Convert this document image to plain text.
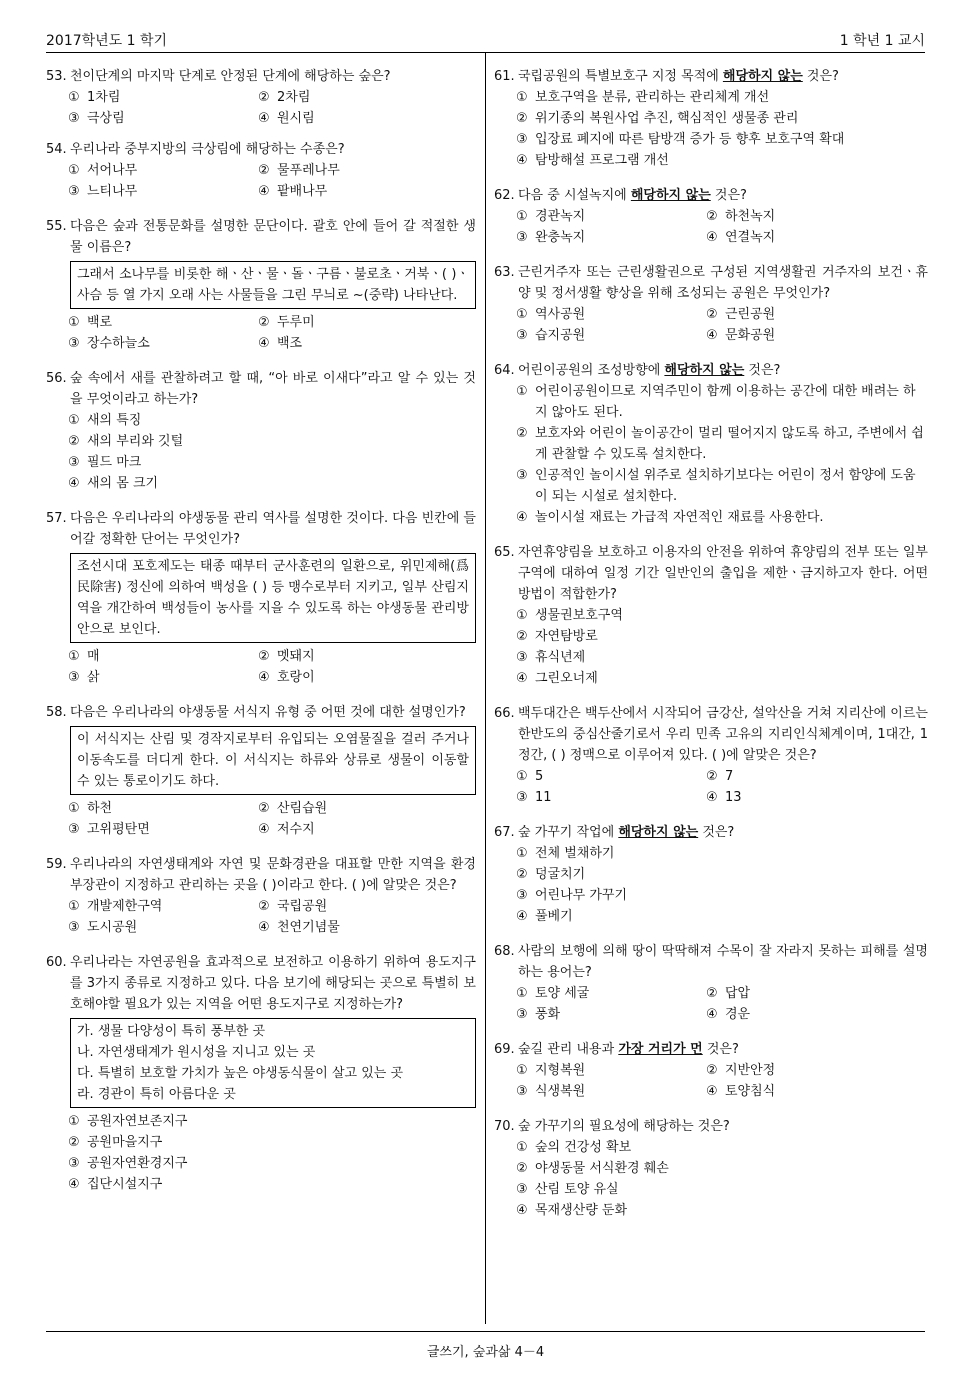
2017학년도 1 학기	1 학년 1 교시
53. 천이단계의 마지막 단계로 안정된 단계에 해당하는 숲은?
① 1차림	② 2차림
③ 극상림	④ 원시림
54. 우리나라 중부지방의 극상림에 해당하는 수종은?
① 서어나무	② 물푸레나무
③ 느티나무	④ 팥배나무
55. 다음은 숲과 전통문화를 설명한 문단이다. 괄호 안에 들어 갈 적절한 생물 이름은?
그래서 소나무를 비롯한 해ㆍ산ㆍ물ㆍ돌ㆍ구름ㆍ불로초ㆍ거북ㆍ( )ㆍ사슴 등 열 가지 오래 사는 사물들을 그린 무늬로 ~(중략) 나타난다.
① 백로	② 두루미
③ 장수하늘소	④ 백조
56. 숲 속에서 새를 관찰하려고 할 때, “아 바로 이새다”라고 알 수 있는 것을 무엇이라고 하는가?
① 새의 특징
② 새의 부리와 깃털
③ 필드 마크
④ 새의 몸 크기
57. 다음은 우리나라의 야생동물 관리 역사를 설명한 것이다. 다음 빈칸에 들어갈 정확한 단어는 무엇인가?
조선시대 포호제도는 태종 때부터 군사훈련의 일환으로, 위민제해(爲民除害) 정신에 의하여 백성을 ( ) 등 맹수로부터 지키고, 일부 산림지역을 개간하여 백성들이 농사를 지을 수 있도록 하는 야생동물 관리방안으로 보인다.
① 매	② 멧돼지
③ 삵	④ 호랑이
58. 다음은 우리나라의 야생동물 서식지 유형 중 어떤 것에 대한 설명인가?
이 서식지는 산림 및 경작지로부터 유입되는 오염물질을 걸러 주거나 이동속도를 더디게 한다. 이 서식지는 하류와 상류로 생물이 이동할 수 있는 통로이기도 하다.
① 하천	② 산림습원
③ 고위평탄면	④ 저수지
59. 우리나라의 자연생태계와 자연 및 문화경관을 대표할 만한 지역을 환경부장관이 지정하고 관리하는 곳을 ( )이라고 한다. ( )에 알맞은 것은?
① 개발제한구역	② 국립공원
③ 도시공원	④ 천연기념물
60. 우리나라는 자연공원을 효과적으로 보전하고 이용하기 위하여 용도지구를 3가지 종류로 지정하고 있다. 다음 보기에 해당되는 곳으로 특별히 보호해야할 필요가 있는 지역을 어떤 용도지구로 지정하는가?
가. 생물 다양성이 특히 풍부한 곳
나. 자연생태계가 원시성을 지니고 있는 곳
다. 특별히 보호할 가치가 높은 야생동식물이 살고 있는 곳
라. 경관이 특히 아름다운 곳
① 공원자연보존지구
② 공원마을지구
③ 공원자연환경지구
④ 집단시설지구
61. 국립공원의 특별보호구 지정 목적에 해당하지 않는 것은?
① 보호구역을 분류, 관리하는 관리체계 개선
② 위기종의 복원사업 추진, 핵심적인 생물종 관리
③ 입장료 폐지에 따른 탐방객 증가 등 향후 보호구역 확대
④ 탐방해설 프로그램 개선
62. 다음 중 시설녹지에 해당하지 않는 것은?
① 경관녹지	② 하천녹지
③ 완충녹지	④ 연결녹지
63. 근린거주자 또는 근린생활권으로 구성된 지역생활권 거주자의 보건ㆍ휴양 및 정서생활 향상을 위해 조성되는 공원은 무엇인가?
① 역사공원	② 근린공원
③ 습지공원	④ 문화공원
64. 어린이공원의 조성방향에 해당하지 않는 것은?
① 어린이공원이므로 지역주민이 함께 이용하는 공간에 대한 배려는 하지 않아도 된다.
② 보호자와 어린이 놀이공간이 멀리 떨어지지 않도록 하고, 주변에서 쉽게 관찰할 수 있도록 설치한다.
③ 인공적인 놀이시설 위주로 설치하기보다는 어린이 정서 함양에 도움이 되는 시설로 설치한다.
④ 놀이시설 재료는 가급적 자연적인 재료를 사용한다.
65. 자연휴양림을 보호하고 이용자의 안전을 위하여 휴양림의 전부 또는 일부 구역에 대하여 일정 기간 일반인의 출입을 제한ㆍ금지하고자 한다. 어떤 방법이 적합한가?
① 생물권보호구역
② 자연탐방로
③ 휴식년제
④ 그린오너제
66. 백두대간은 백두산에서 시작되어 금강산, 설악산을 거쳐 지리산에 이르는 한반도의 중심산줄기로서 우리 민족 고유의 지리인식체계이며, 1대간, 1정간, ( ) 정맥으로 이루어져 있다. ( )에 알맞은 것은?
① 5	② 7
③ 11	④ 13
67. 숲 가꾸기 작업에 해당하지 않는 것은?
① 전체 벌채하기
② 덩굴치기
③ 어린나무 가꾸기
④ 풀베기
68. 사람의 보행에 의해 땅이 딱딱해져 수목이 잘 자라지 못하는 피해를 설명하는 용어는?
① 토양 세굴	② 답압
③ 풍화	④ 경운
69. 숲길 관리 내용과 가장 거리가 먼 것은?
① 지형복원	② 지반안정
③ 식생복원	④ 토양침식
70. 숲 가꾸기의 필요성에 해당하는 것은?
① 숲의 건강성 확보
② 야생동물 서식환경 훼손
③ 산림 토양 유실
④ 목재생산량 둔화
글쓰기, 숲과삶 4－4
